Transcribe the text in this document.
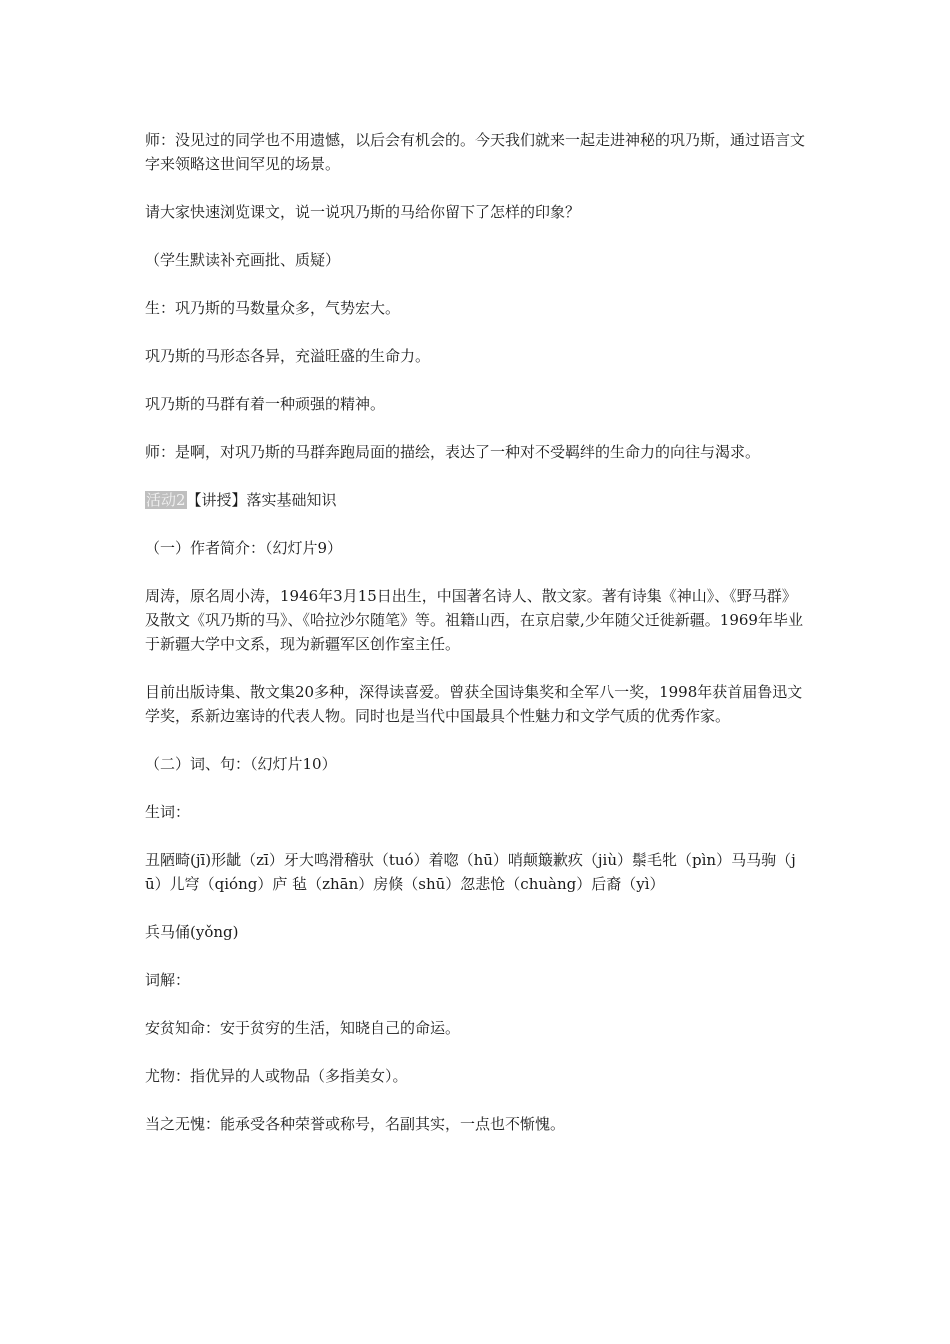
师：没见过的同学也不用遗憾，以后会有机会的。今天我们就来一起走进神秘的巩乃斯，通过语言文字来领略这世间罕见的场景。

请大家快速浏览课文，说一说巩乃斯的马给你留下了怎样的印象？

（学生默读补充画批、质疑）

生：巩乃斯的马数量众多，气势宏大。

巩乃斯的马形态各异，充溢旺盛的生命力。

巩乃斯的马群有着一种顽强的精神。

师：是啊，对巩乃斯的马群奔跑局面的描绘，表达了一种对不受羁绊的生命力的向往与渴求。

活动2【讲授】落实基础知识

（一）作者简介：（幻灯片9）

周涛，原名周小涛，1946年3月15日出生，中国著名诗人、散文家。著有诗集《神山》、《野马群》及散文《巩乃斯的马》、《哈拉沙尔随笔》等。祖籍山西，在京启蒙,少年随父迁徙新疆。1969年毕业于新疆大学中文系，现为新疆军区创作室主任。

目前出版诗集、散文集20多种，深得读喜爱。曾获全国诗集奖和全军八一奖，1998年获首届鲁迅文学奖，系新边塞诗的代表人物。同时也是当代中国最具个性魅力和文学气质的优秀作家。

（二）词、句：（幻灯片10）

生词：

丑陋畸(jī)形龇（zī）牙大鸣滑稽驮（tuó）着唿（hū）哨颠簸歉疚（jiù）鬃毛牝（pìn）马马驹（jū）儿穹（qióng）庐 毡（zhān）房倏（shū）忽悲怆（chuàng）后裔（yì）

兵马俑(yǒng)

词解：

安贫知命：安于贫穷的生活，知晓自己的命运。

尤物：指优异的人或物品（多指美女）。

当之无愧：能承受各种荣誉或称号，名副其实，一点也不惭愧。
